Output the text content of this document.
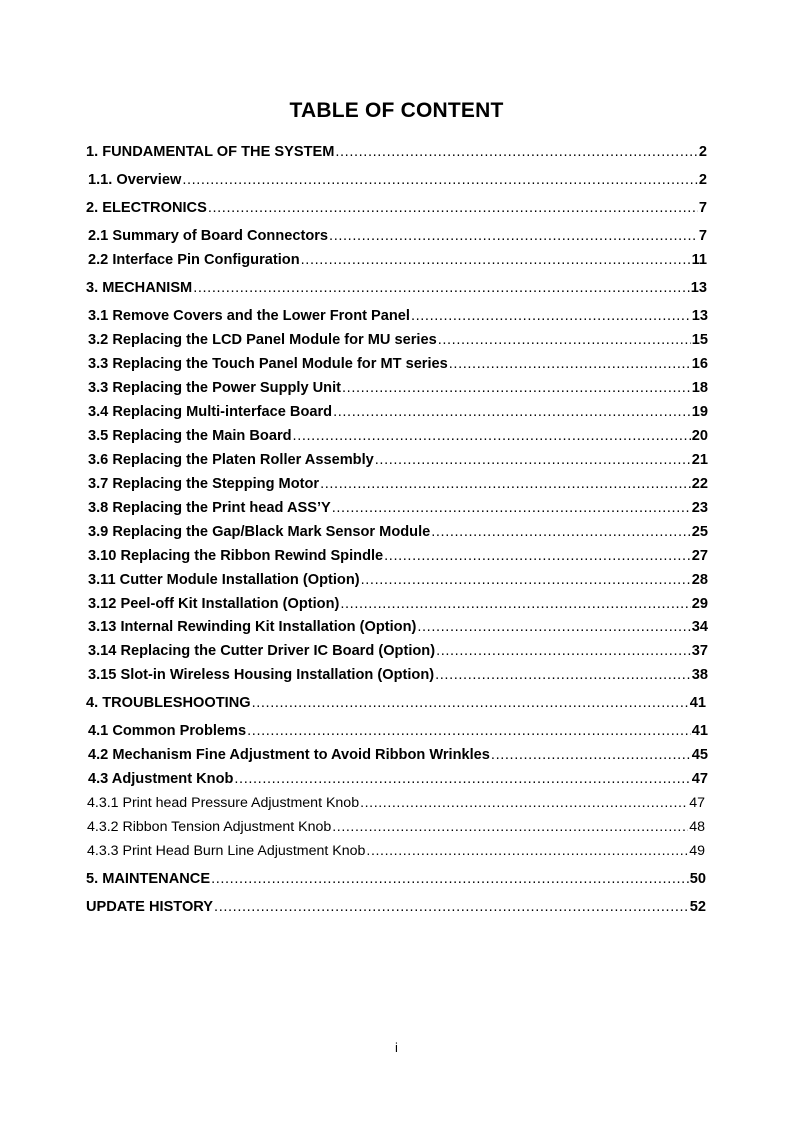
TABLE OF CONTENT
1. FUNDAMENTAL OF THE SYSTEM .....	2
1.1. Overview .....	2
2. ELECTRONICS .....	7
2.1 Summary of Board Connectors .....	7
2.2 Interface Pin Configuration .....	11
3. MECHANISM .....	13
3.1 Remove Covers and the Lower Front Panel .....	13
3.2 Replacing the LCD Panel Module for MU series .....	15
3.3 Replacing the Touch Panel Module for MT series .....	16
3.3 Replacing the Power Supply Unit .....	18
3.4 Replacing Multi-interface Board .....	19
3.5 Replacing the Main Board .....	20
3.6 Replacing the Platen Roller Assembly .....	21
3.7 Replacing the Stepping Motor .....	22
3.8 Replacing the Print head ASS’Y .....	23
3.9 Replacing the Gap/Black Mark Sensor Module .....	25
3.10 Replacing the Ribbon Rewind Spindle .....	27
3.11 Cutter Module Installation (Option) .....	28
3.12 Peel-off Kit Installation (Option) .....	29
3.13 Internal Rewinding Kit Installation (Option) .....	34
3.14 Replacing the Cutter Driver IC Board (Option) .....	37
3.15 Slot-in Wireless Housing Installation (Option) .....	38
4. TROUBLESHOOTING .....	41
4.1 Common Problems .....	41
4.2 Mechanism Fine Adjustment to Avoid Ribbon Wrinkles .....	45
4.3 Adjustment Knob .....	47
4.3.1 Print head Pressure Adjustment Knob .....	47
4.3.2 Ribbon Tension Adjustment Knob .....	48
4.3.3 Print Head Burn Line Adjustment Knob .....	49
5. MAINTENANCE .....	50
UPDATE HISTORY .....	52
i
